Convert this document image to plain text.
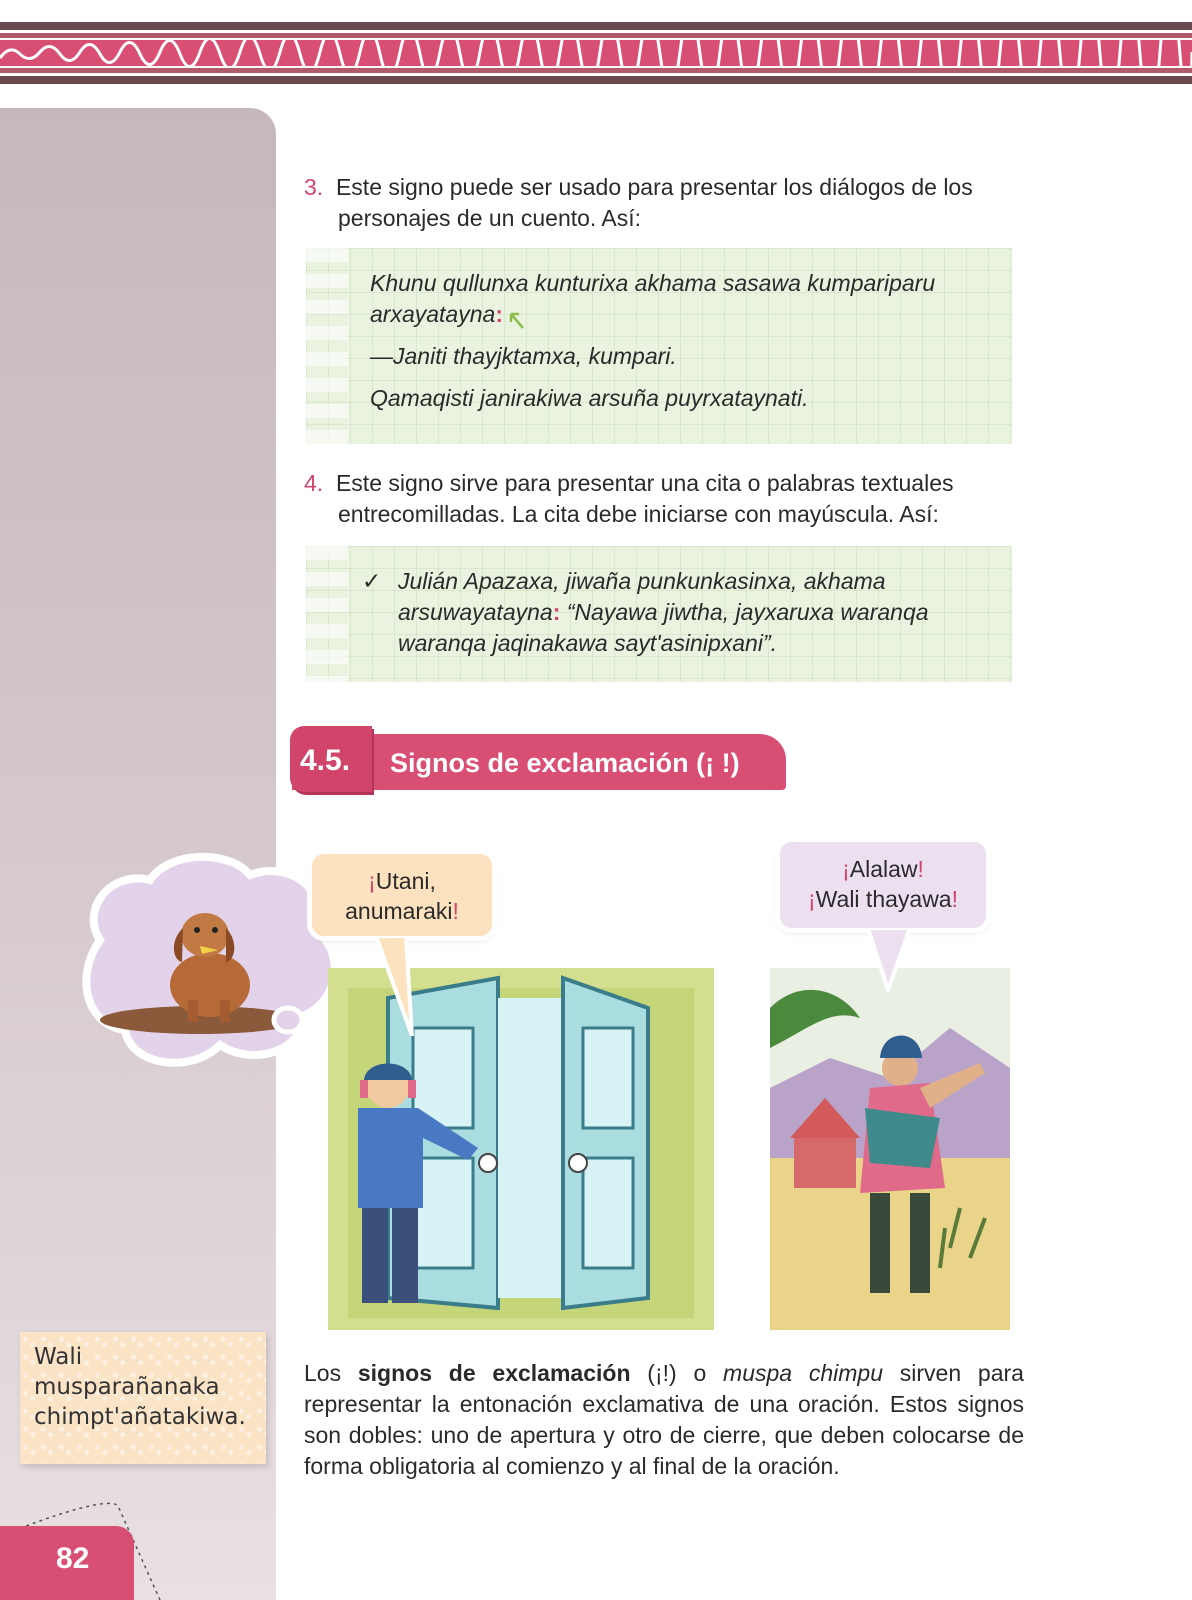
3. Este signo puede ser usado para presentar los diálogos de los
personajes de un cuento. Así:
Khunu qullunxa kunturixa akhama sasawa kumpariparu
arxayatayna:
—Janiti thayjktamxa, kumpari.
Qamaqisti janirakiwa arsuña puyrxataynati.
4. Este signo sirve para presentar una cita o palabras textuales
entrecomilladas. La cita debe iniciarse con mayúscula. Así:
✓ Julián Apazaxa, jiwaña punkunkasinxa, akhama
arsuwayatayna: “Nayawa jiwtha, jayxaruxa waranqa
waranqa jaqinakawa sayt'asinipxani”.
4.5. Signos de exclamación (¡ !)
¡Utani,
anumaraki!
¡Alalaw!
¡Wali thayawa!
Wali
musparañanaka
chimpt'añatakiwa.
Los signos de exclamación (¡!) o muspa chimpu sirven para representar la entonación exclamativa de una oración. Estos signos son dobles: uno de apertura y otro de cierre, que deben colocarse de forma obligatoria al comienzo y al final de la oración.
82
